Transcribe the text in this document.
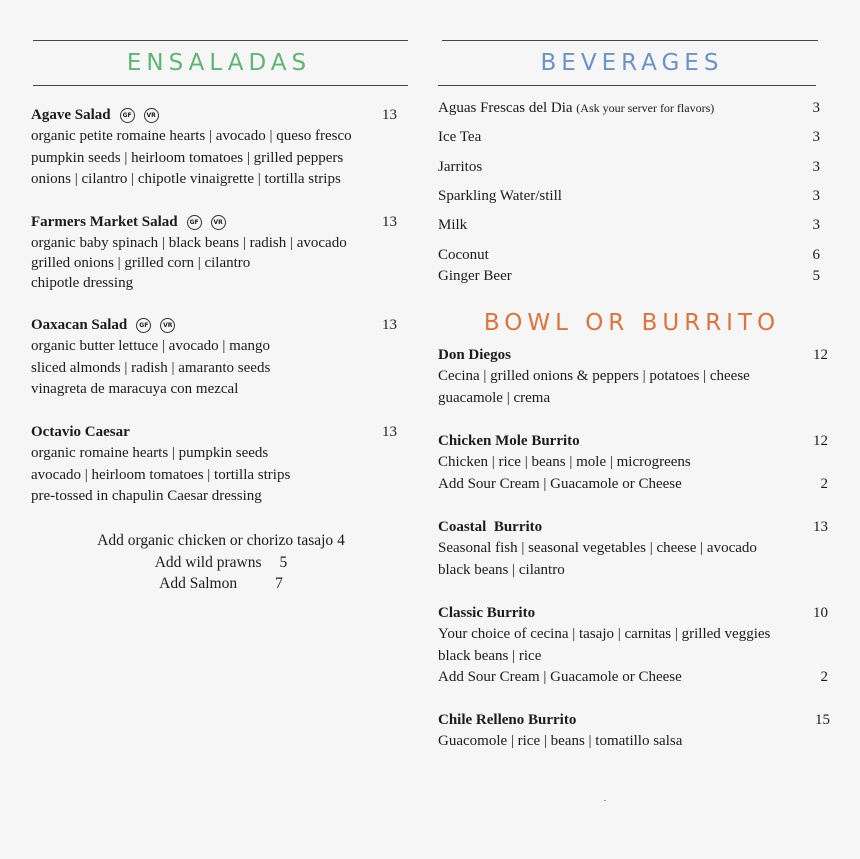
ENSALADAS
Agave Salad	GF	VR	13
organic petite romaine hearts | avocado | queso fresco
pumpkin seeds | heirloom tomatoes | grilled peppers
onions | cilantro | chipotle vinaigrette | tortilla strips
Farmers Market Salad	GF	VR	13
organic baby spinach | black beans | radish | avocado
grilled onions | grilled corn | cilantro
chipotle dressing
Oaxacan Salad	GF	VR	13
organic butter lettuce | avocado | mango
sliced almonds | radish | amaranto seeds
vinagreta de maracuya con mezcal
Octavio Caesar	13
organic romaine hearts | pumpkin seeds
avocado | heirloom tomatoes | tortilla strips
pre-tossed in chapulin Caesar dressing
Add organic chicken or chorizo tasajo 4
Add wild prawns 5
Add Salmon 7
BEVERAGES
Aguas Frescas del Dia (Ask your server for flavors)	3
Ice Tea	3
Jarritos	3
Sparkling Water/still	3
Milk	3
Coconut	6
Ginger Beer	5
BOWL OR BURRITO
Don Diegos	12
Cecina | grilled onions & peppers | potatoes | cheese
guacamole | crema
Chicken Mole Burrito	12
Chicken | rice | beans | mole | microgreens
Add Sour Cream | Guacamole or Cheese	2
Coastal  Burrito	13
Seasonal fish | seasonal vegetables | cheese | avocado
black beans | cilantro
Classic Burrito	10
Your choice of cecina | tasajo | carnitas | grilled veggies
black beans | rice
Add Sour Cream | Guacamole or Cheese	2
Chile Relleno Burrito	15
Guacomole | rice | beans | tomatillo salsa
